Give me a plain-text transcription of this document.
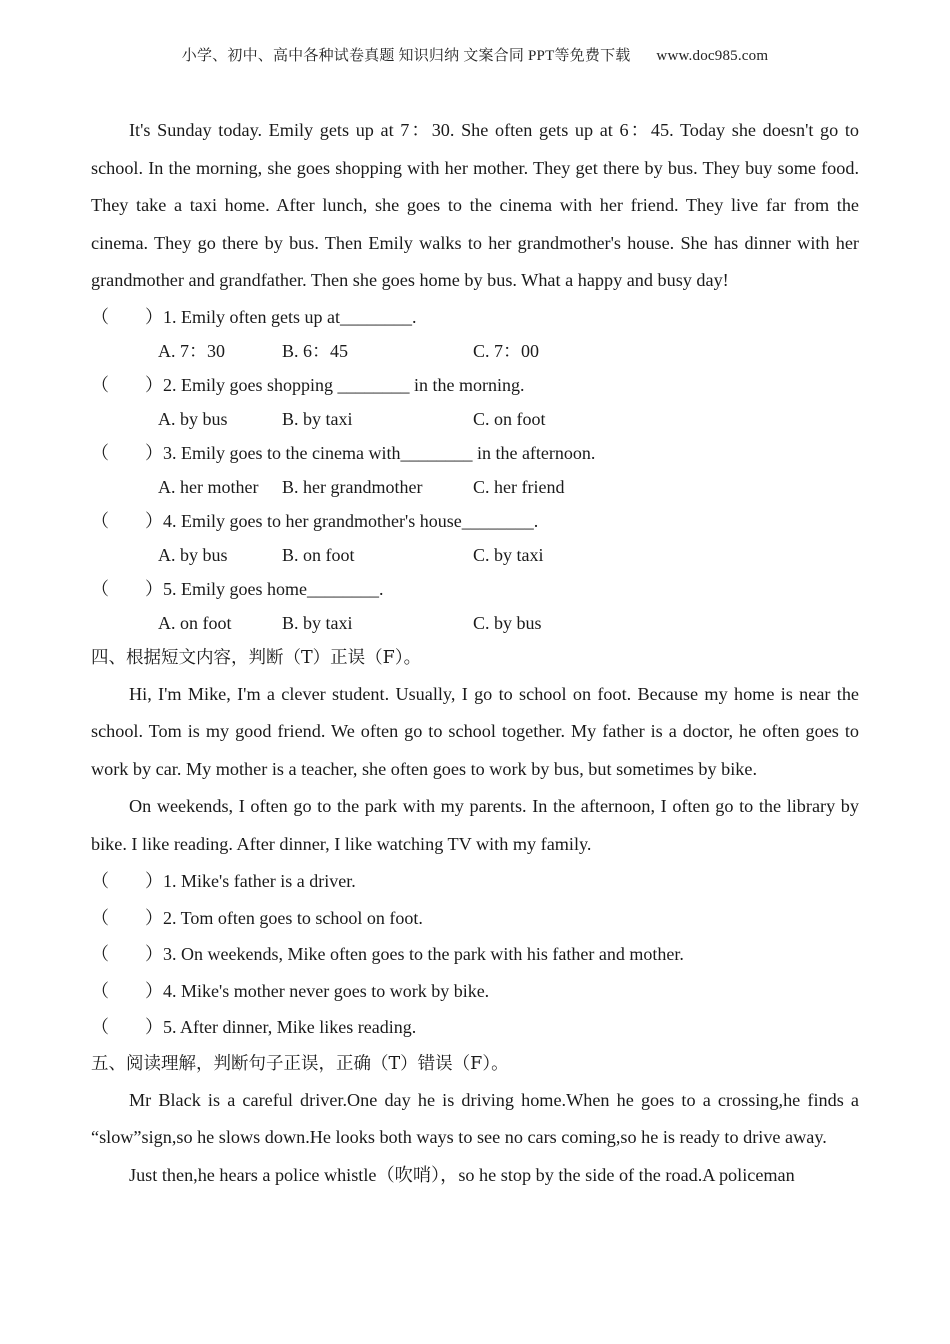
小学、初中、高中各种试卷真题 知识归纳 文案合同 PPT等免费下载 www.doc985.com

It's Sunday today. Emily gets up at 7：30. She often gets up at 6：45. Today she doesn't go to school. In the morning, she goes shopping with her mother. They get there by bus. They buy some food. They take a taxi home. After lunch, she goes to the cinema with her friend. They live far from the cinema. They go there by bus. Then Emily walks to her grandmother's house. She has dinner with her grandmother and grandfather. Then she goes home by bus. What a happy and busy day!

（ ）1. Emily often gets up at________.
A. 7：30	B. 6：45	C. 7：00
（ ）2. Emily goes shopping ________ in the morning.
A. by bus	B. by taxi	C. on foot
（ ）3. Emily goes to the cinema with________ in the afternoon.
A. her mother B. her grandmother	C. her friend
（ ）4. Emily goes to her grandmother's house________.
A. by bus	B. on foot	C. by taxi
（ ）5. Emily goes home________.
A. on foot	B. by taxi	C. by bus
四、根据短文内容，判断（T）正误（F）。

Hi, I'm Mike, I'm a clever student. Usually, I go to school on foot. Because my home is near the school. Tom is my good friend. We often go to school together. My father is a doctor, he often goes to work by car. My mother is a teacher, she often goes to work by bus, but sometimes by bike.

On weekends, I often go to the park with my parents. In the afternoon, I often go to the library by bike. I like reading. After dinner, I like watching TV with my family.

（ ）1. Mike's father is a driver.
（ ）2. Tom often goes to school on foot.
（ ）3. On weekends, Mike often goes to the park with his father and mother.
（ ）4. Mike's mother never goes to work by bike.
（ ）5. After dinner, Mike likes reading.
五、阅读理解，判断句子正误，正确（T）错误（F）。

Mr Black is a careful driver.One day he is driving home.When he goes to a crossing,he finds a “slow”sign,so he slows down.He looks both ways to see no cars coming,so he is ready to drive away.

Just then,he hears a police whistle（吹哨），so he stop by the side of the road.A policeman
